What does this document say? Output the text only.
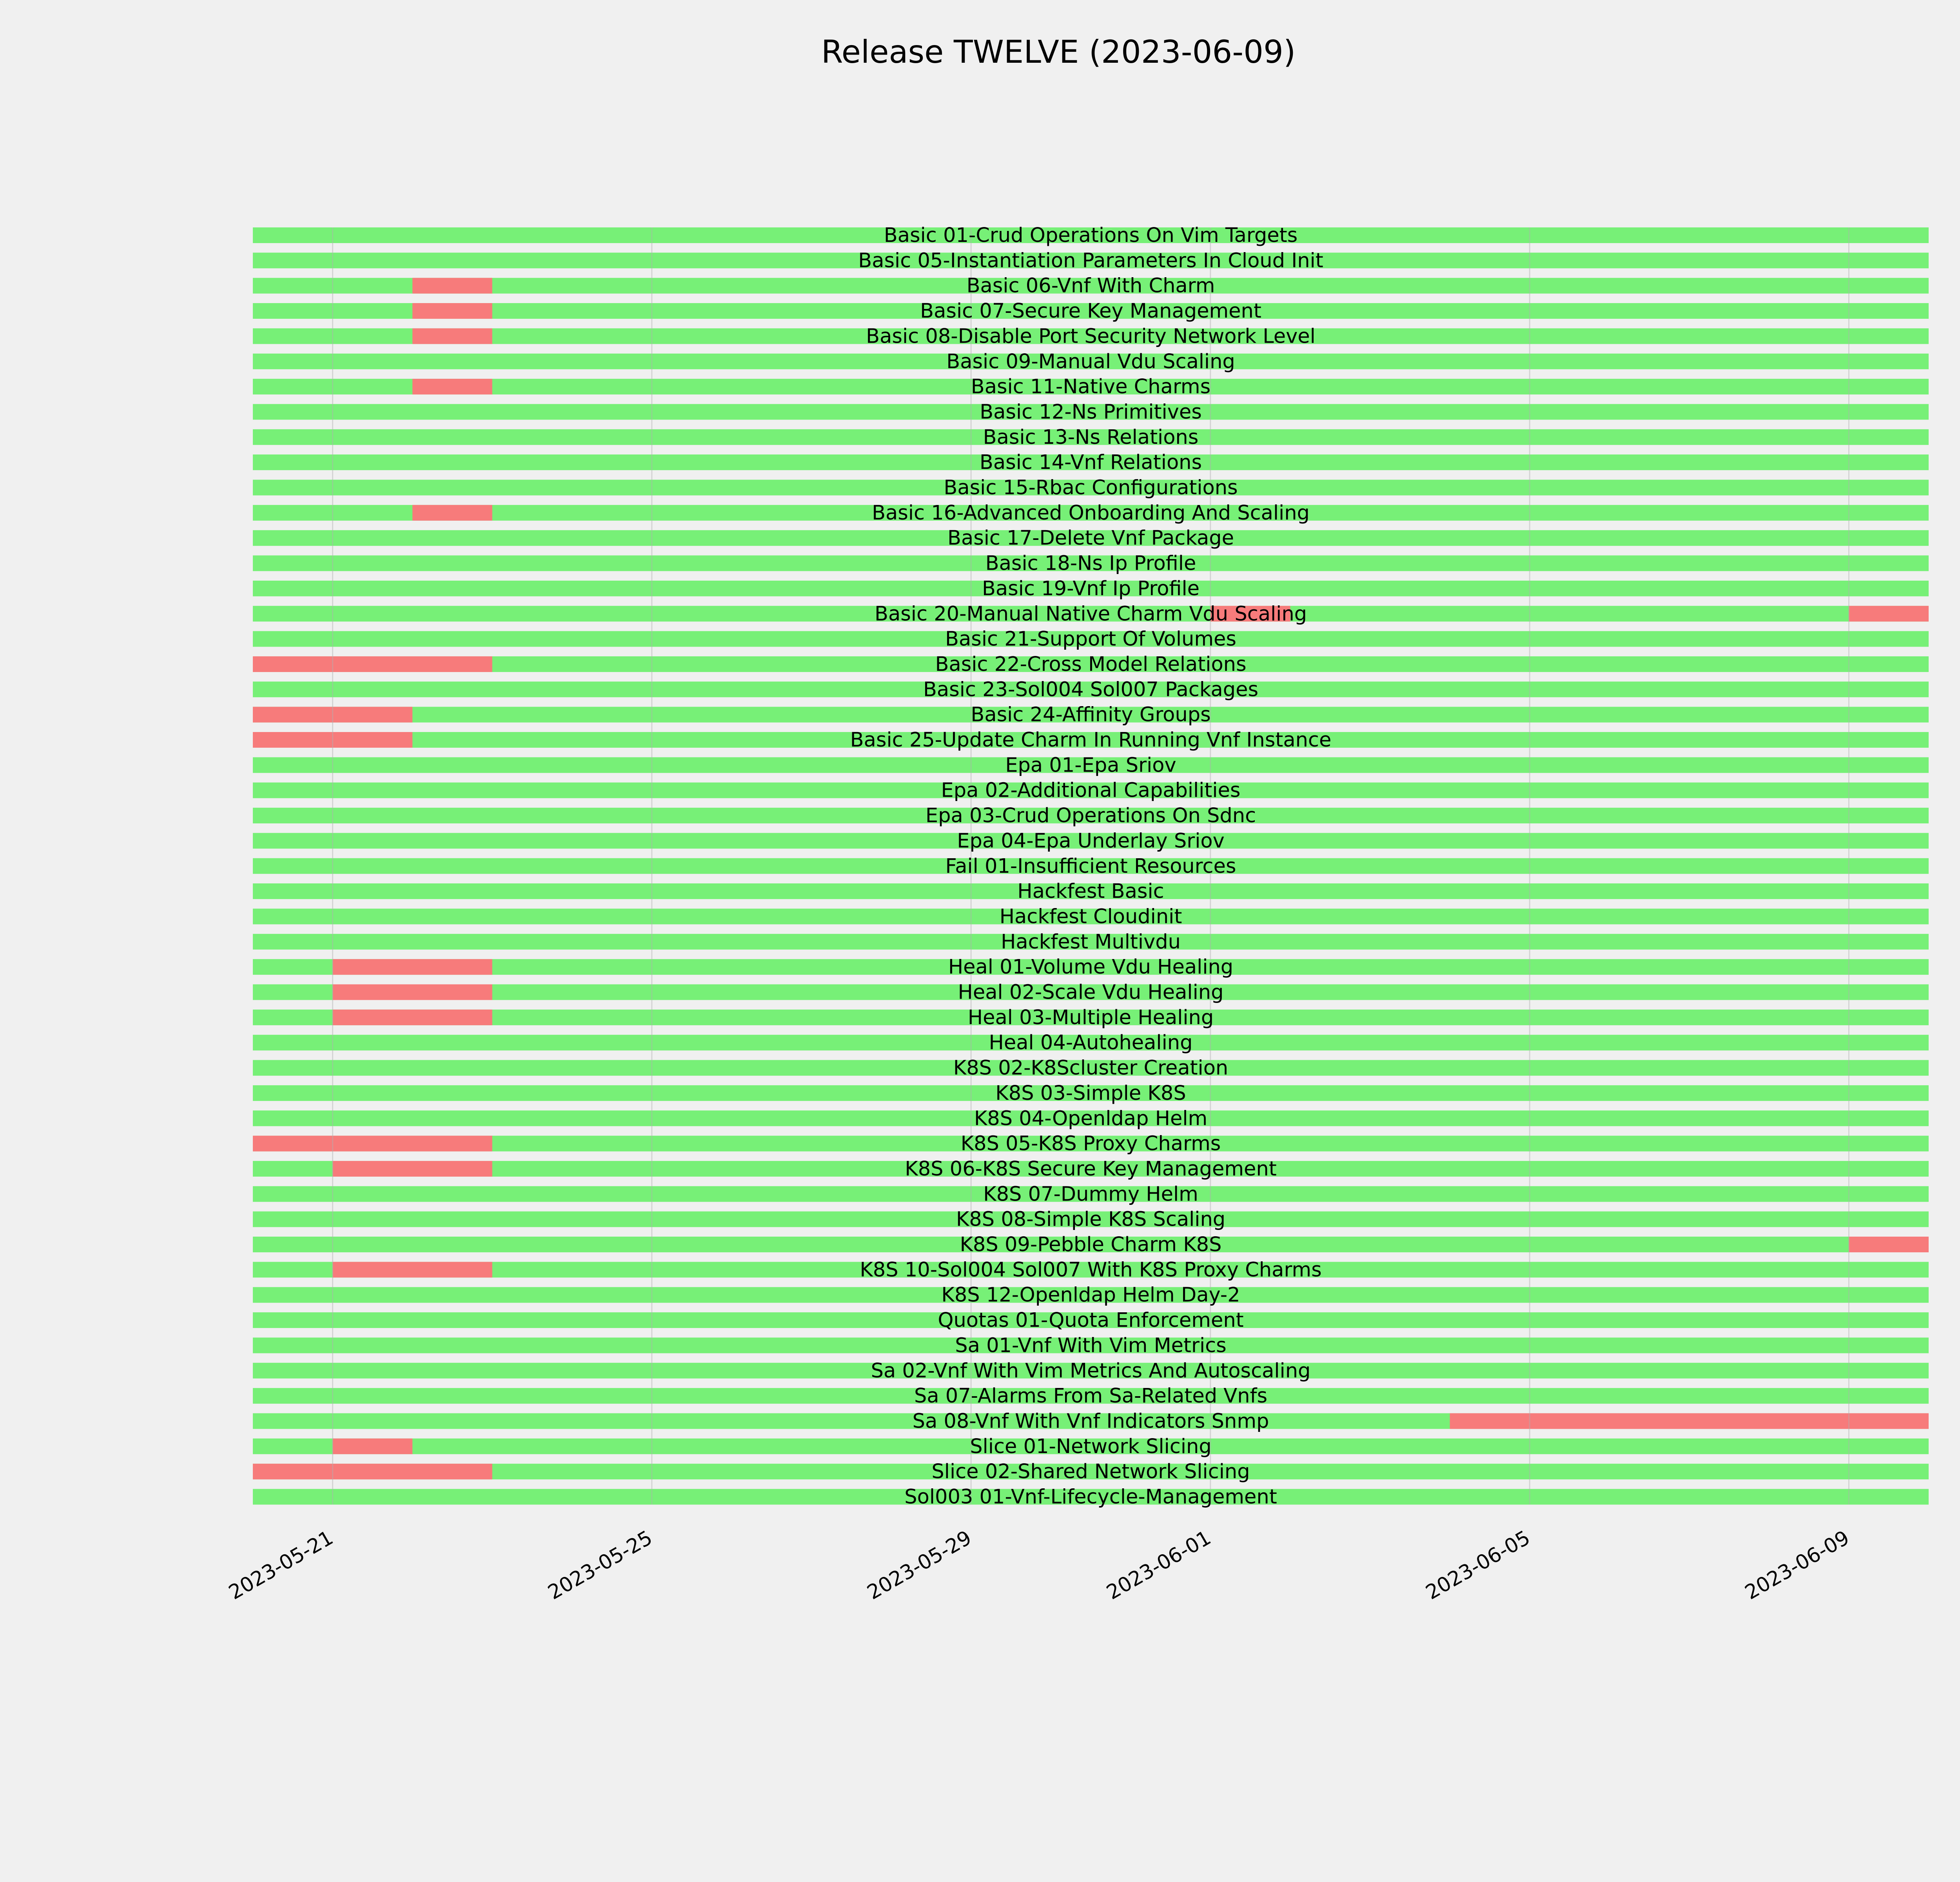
Release TWELVE (2023-06-09)
Basic 01-Crud Operations On Vim Targets
Basic 05-Instantiation Parameters In Cloud Init
Basic 06-Vnf With Charm
Basic 07-Secure Key Management
Basic 08-Disable Port Security Network Level
Basic 09-Manual Vdu Scaling
Basic 11-Native Charms
Basic 12-Ns Primitives
Basic 13-Ns Relations
Basic 14-Vnf Relations
Basic 15-Rbac Configurations
Basic 16-Advanced Onboarding And Scaling
Basic 17-Delete Vnf Package
Basic 18-Ns Ip Profile
Basic 19-Vnf Ip Profile
Basic 20-Manual Native Charm Vdu Scaling
Basic 21-Support Of Volumes
Basic 22-Cross Model Relations
Basic 23-Sol004 Sol007 Packages
Basic 24-Affinity Groups
Basic 25-Update Charm In Running Vnf Instance
Epa 01-Epa Sriov
Epa 02-Additional Capabilities
Epa 03-Crud Operations On Sdnc
Epa 04-Epa Underlay Sriov
Fail 01-Insufficient Resources
Hackfest Basic
Hackfest Cloudinit
Hackfest Multivdu
Heal 01-Volume Vdu Healing
Heal 02-Scale Vdu Healing
Heal 03-Multiple Healing
Heal 04-Autohealing
K8S 02-K8Scluster Creation
K8S 03-Simple K8S
K8S 04-Openldap Helm
K8S 05-K8S Proxy Charms
K8S 06-K8S Secure Key Management
K8S 07-Dummy Helm
K8S 08-Simple K8S Scaling
K8S 09-Pebble Charm K8S
K8S 10-Sol004 Sol007 With K8S Proxy Charms
K8S 12-Openldap Helm Day-2
Quotas 01-Quota Enforcement
Sa 01-Vnf With Vim Metrics
Sa 02-Vnf With Vim Metrics And Autoscaling
Sa 07-Alarms From Sa-Related Vnfs
Sa 08-Vnf With Vnf Indicators Snmp
Slice 01-Network Slicing
Slice 02-Shared Network Slicing
Sol003 01-Vnf-Lifecycle-Management
2023-05-21	2023-05-25	2023-05-29	2023-06-01	2023-06-05	2023-06-09
